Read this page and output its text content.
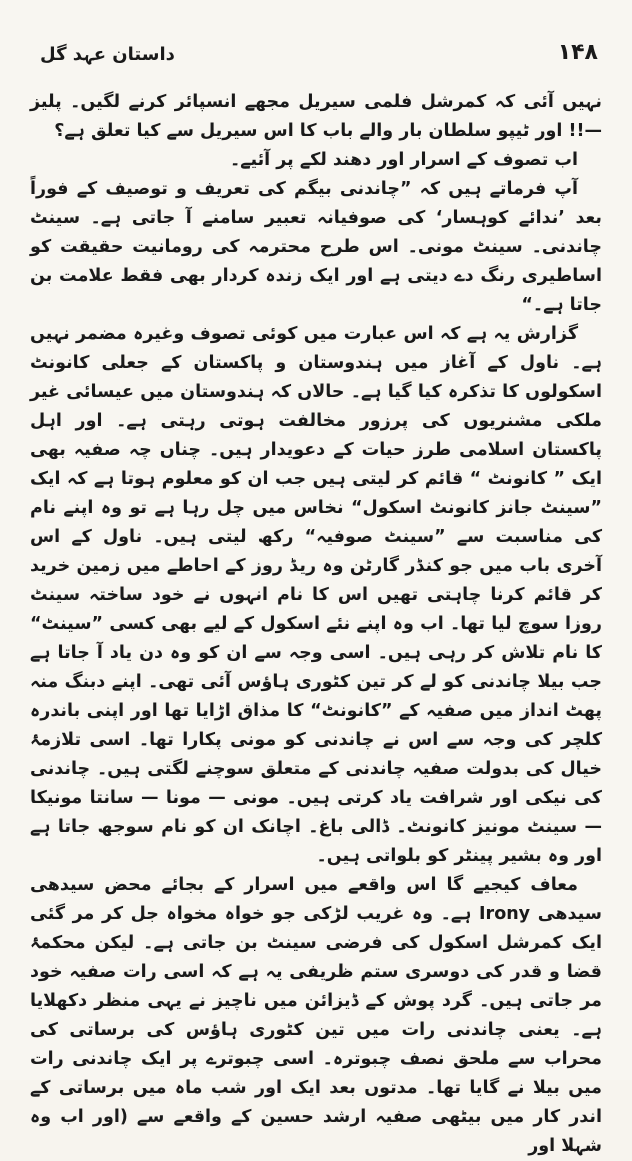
داستان عہد گل	۱۴۸

نہیں آئی کہ کمرشل فلمی سیریل مجھے انسپائر کرنے لگیں۔ پلیز —!! اور ٹیپو سلطان بار والے باب کا اس سیریل سے کیا تعلق ہے؟

اب تصوف کے اسرار اور دھند لکے پر آئیے۔

آپ فرماتے ہیں کہ ”چاندنی بیگم کی تعریف و توصیف کے فوراً بعد ’ندائے کوہسار‘ کی صوفیانہ تعبیر سامنے آ جاتی ہے۔ سینٹ چاندنی۔ سینٹ مونی۔ اس طرح محترمہ کی رومانیت حقیقت کو اساطیری رنگ دے دیتی ہے اور ایک زندہ کردار بھی فقط علامت بن جاتا ہے۔“

گزارش یہ ہے کہ اس عبارت میں کوئی تصوف وغیرہ مضمر نہیں ہے۔ ناول کے آغاز میں ہندوستان و پاکستان کے جعلی کانونٹ اسکولوں کا تذکرہ کیا گیا ہے۔ حالاں کہ ہندوستان میں عیسائی غیر ملکی مشنریوں کی پرزور مخالفت ہوتی رہتی ہے۔ اور اہل پاکستان اسلامی طرز حیات کے دعویدار ہیں۔ چناں چہ صفیہ بھی ایک ” کانونٹ “ قائم کر لیتی ہیں جب ان کو معلوم ہوتا ہے کہ ایک ”سینٹ جانز کانونٹ اسکول“ نخاس میں چل رہا ہے تو وہ اپنے نام کی مناسبت سے ”سینٹ صوفیہ“ رکھ لیتی ہیں۔ ناول کے اس آخری باب میں جو کنڈر گارٹن وہ ریڈ روز کے احاطے میں زمین خرید کر قائم کرنا چاہتی تھیں اس کا نام انہوں نے خود ساختہ سینٹ روزا سوچ لیا تھا۔ اب وہ اپنے نئے اسکول کے لیے بھی کسی ”سینٹ“ کا نام تلاش کر رہی ہیں۔ اسی وجہ سے ان کو وہ دن یاد آ جاتا ہے جب بیلا چاندنی کو لے کر تین کٹوری ہاؤس آئی تھی۔ اپنے دبنگ منہ پھٹ انداز میں صفیہ کے ”کانونٹ“ کا مذاق اڑایا تھا اور اپنی باندرہ کلچر کی وجہ سے اس نے چاندنی کو مونی پکارا تھا۔ اسی تلازمۂ خیال کی بدولت صفیہ چاندنی کے متعلق سوچنے لگتی ہیں۔ چاندنی کی نیکی اور شرافت یاد کرتی ہیں۔ مونی — مونا — سانتا مونیکا — سینٹ مونیز کانونٹ۔ ڈالی باغ۔ اچانک ان کو نام سوجھ جاتا ہے اور وہ بشیر پینٹر کو بلواتی ہیں۔

معاف کیجیے گا اس واقعے میں اسرار کے بجائے محض سیدھی سیدھی Irony ہے۔ وہ غریب لڑکی جو خواہ مخواہ جل کر مر گئی ایک کمرشل اسکول کی فرضی سینٹ بن جاتی ہے۔ لیکن محکمۂ قضا و قدر کی دوسری ستم ظریفی یہ ہے کہ اسی رات صفیہ خود مر جاتی ہیں۔ گرد پوش کے ڈیزائن میں ناچیز نے یہی منظر دکھلایا ہے۔ یعنی چاندنی رات میں تین کٹوری ہاؤس کی برساتی کی محراب سے ملحق نصف چبوترہ۔ اسی چبوترے پر ایک چاندنی رات میں بیلا نے گایا تھا۔ مدتوں بعد ایک اور شب ماہ میں برساتی کے اندر کار میں بیٹھی صفیہ ارشد حسین کے واقعے سے (اور اب وہ شہلا اور
